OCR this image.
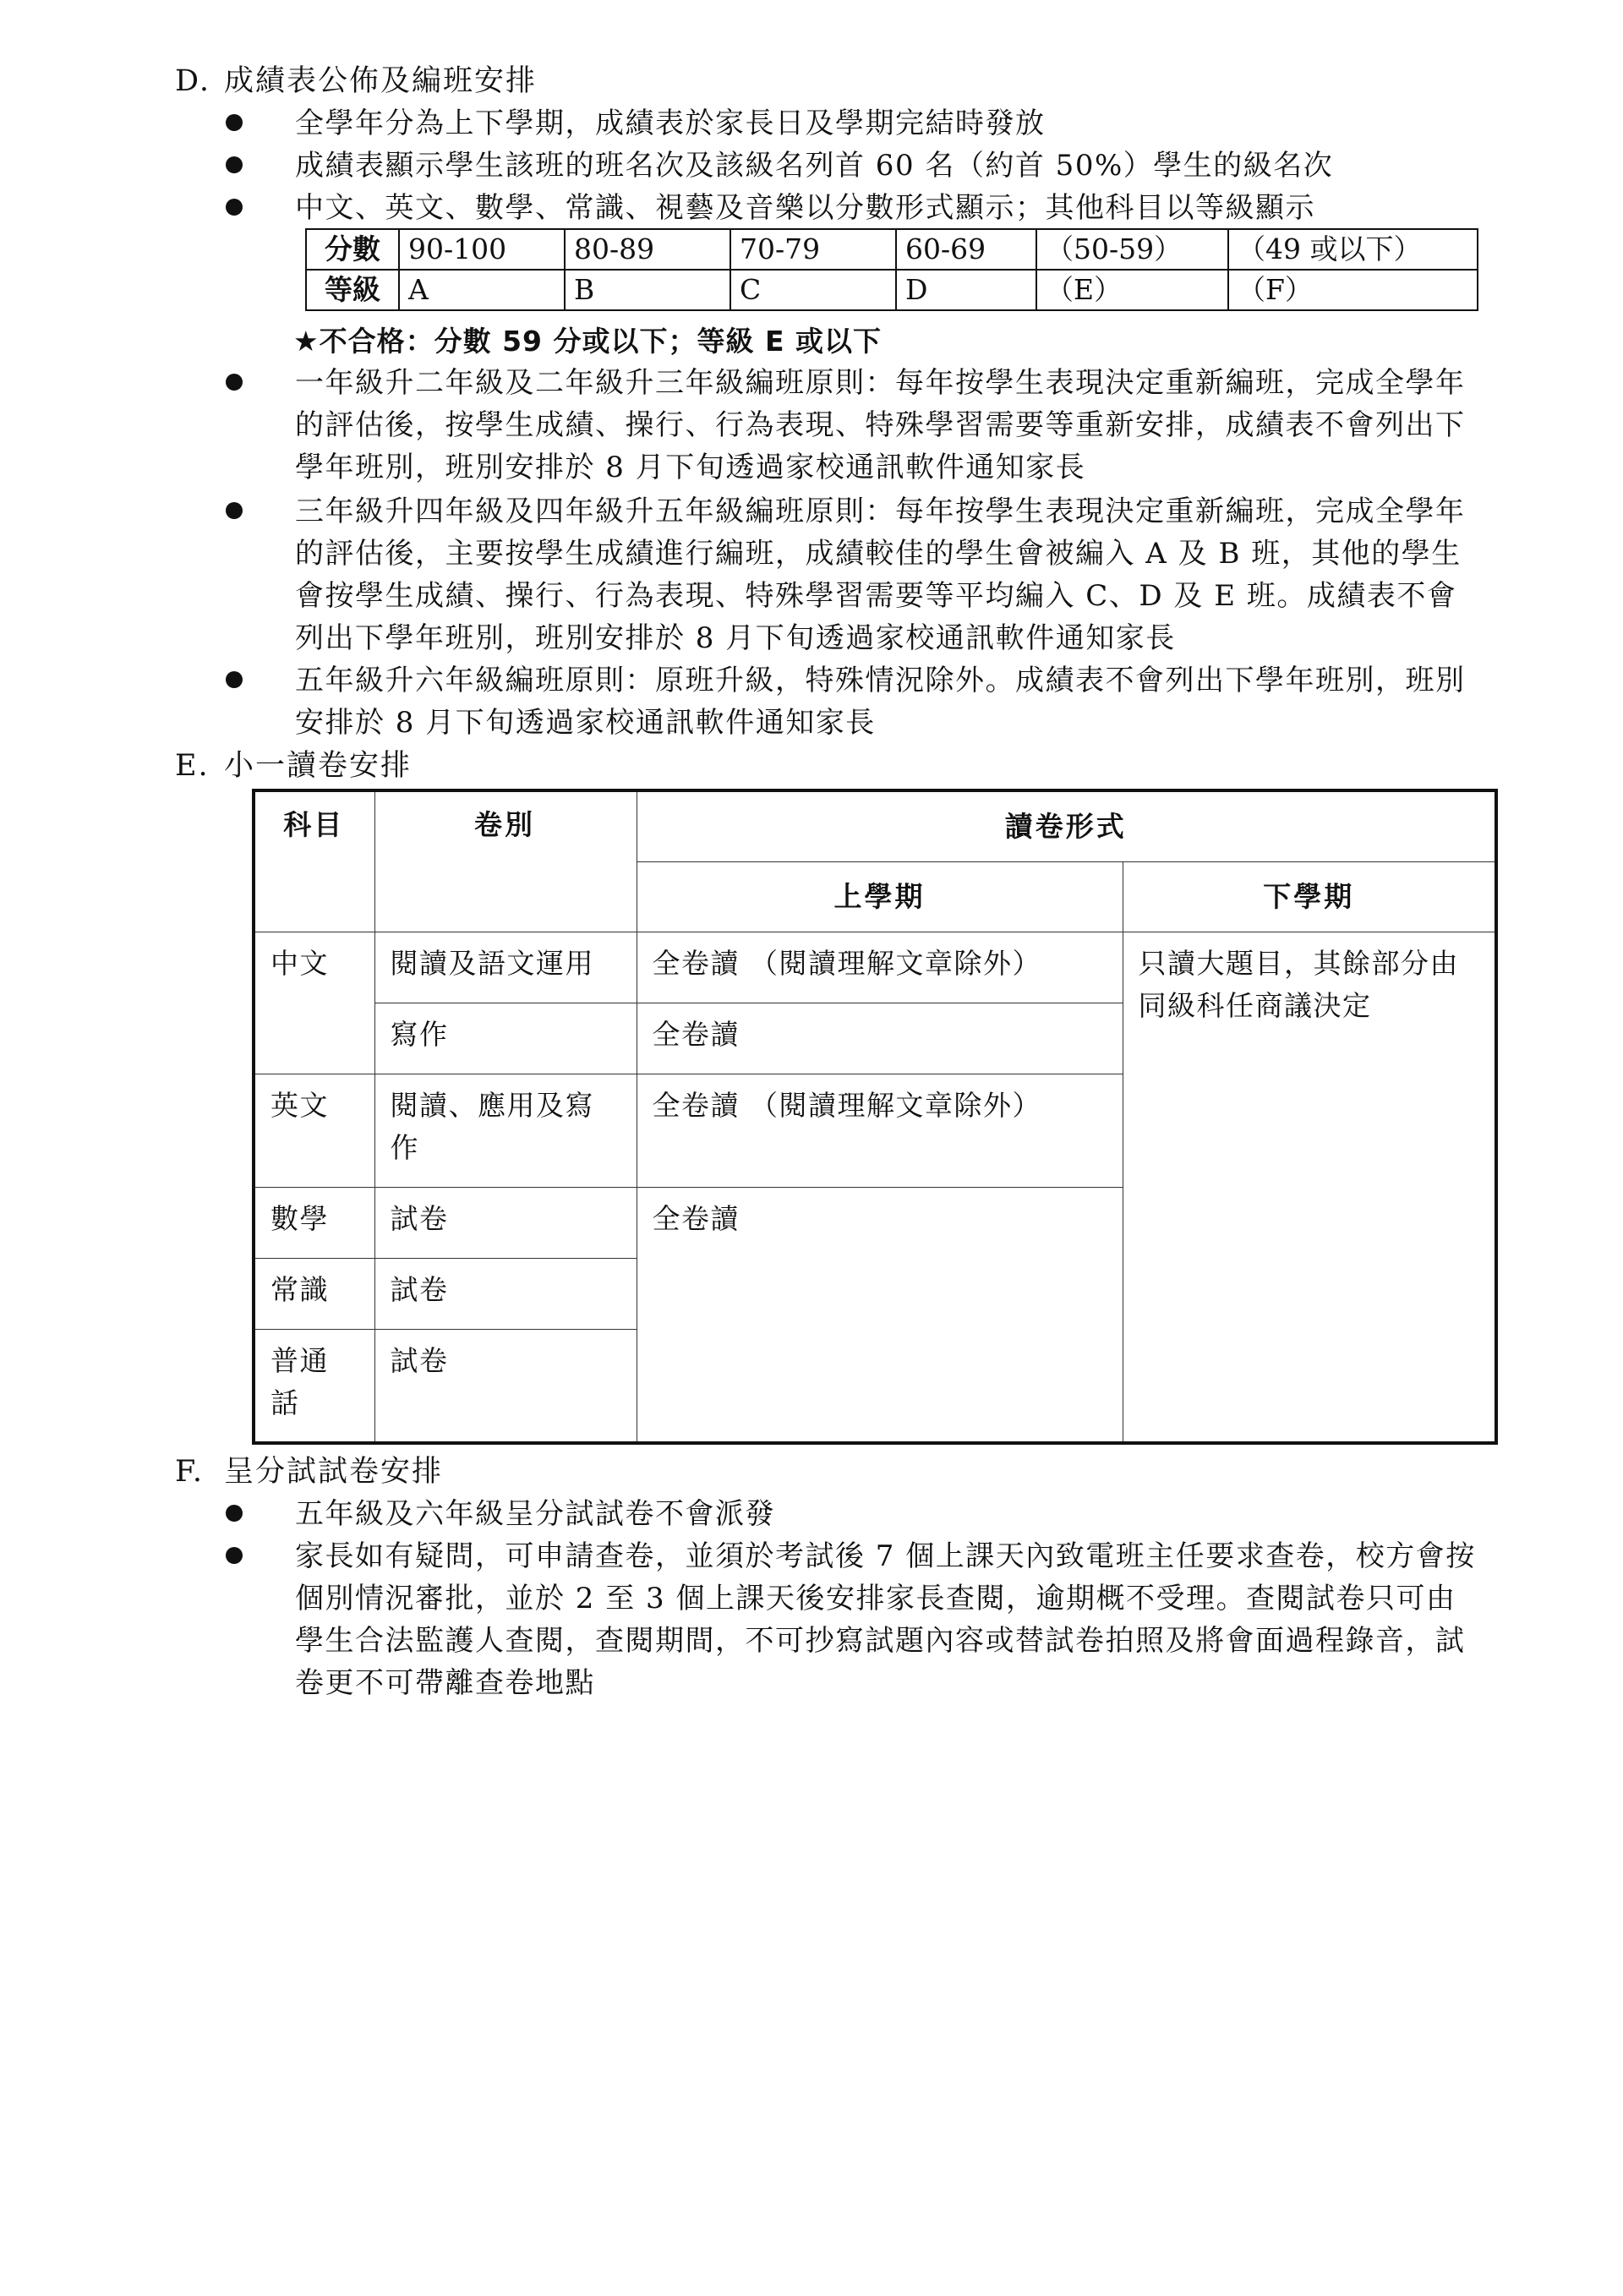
D. 成績表公佈及編班安排
全學年分為上下學期，成績表於家長日及學期完結時發放
成績表顯示學生該班的班名次及該級名列首 60 名（約首 50%）學生的級名次
中文、英文、數學、常識、視藝及音樂以分數形式顯示；其他科目以等級顯示
分數	90-100	80-89	70-79	60-69	（50-59）	（49 或以下）
等級	A	B	C	D	（E）	（F）
★不合格：分數 59 分或以下；等級 E 或以下
一年級升二年級及二年級升三年級編班原則：每年按學生表現決定重新編班，完成全學年的評估後，按學生成績、操行、行為表現、特殊學習需要等重新安排，成績表不會列出下學年班別，班別安排於 8 月下旬透過家校通訊軟件通知家長
三年級升四年級及四年級升五年級編班原則：每年按學生表現決定重新編班，完成全學年的評估後，主要按學生成績進行編班，成績較佳的學生會被編入 A 及 B 班，其他的學生會按學生成績、操行、行為表現、特殊學習需要等平均編入 C、D 及 E 班。成績表不會列出下學年班別，班別安排於 8 月下旬透過家校通訊軟件通知家長
五年級升六年級編班原則：原班升級，特殊情況除外。成績表不會列出下學年班別，班別安排於 8 月下旬透過家校通訊軟件通知家長
E. 小一讀卷安排
科目	卷別	讀卷形式	
		上學期	下學期
中文	閱讀及語文運用	全卷讀 （閱讀理解文章除外）	只讀大題目，其餘部分由同級科任商議決定
	寫作	全卷讀	
英文	閱讀、應用及寫作	全卷讀 （閱讀理解文章除外）	
數學	試卷	全卷讀	
常識	試卷		
普通話	試卷		
F. 呈分試試卷安排
五年級及六年級呈分試試卷不會派發
家長如有疑問，可申請查卷，並須於考試後 7 個上課天內致電班主任要求查卷，校方會按個別情況審批，並於 2 至 3 個上課天後安排家長查閱，逾期概不受理。查閱試卷只可由學生合法監護人查閱，查閱期間，不可抄寫試題內容或替試卷拍照及將會面過程錄音，試卷更不可帶離查卷地點
